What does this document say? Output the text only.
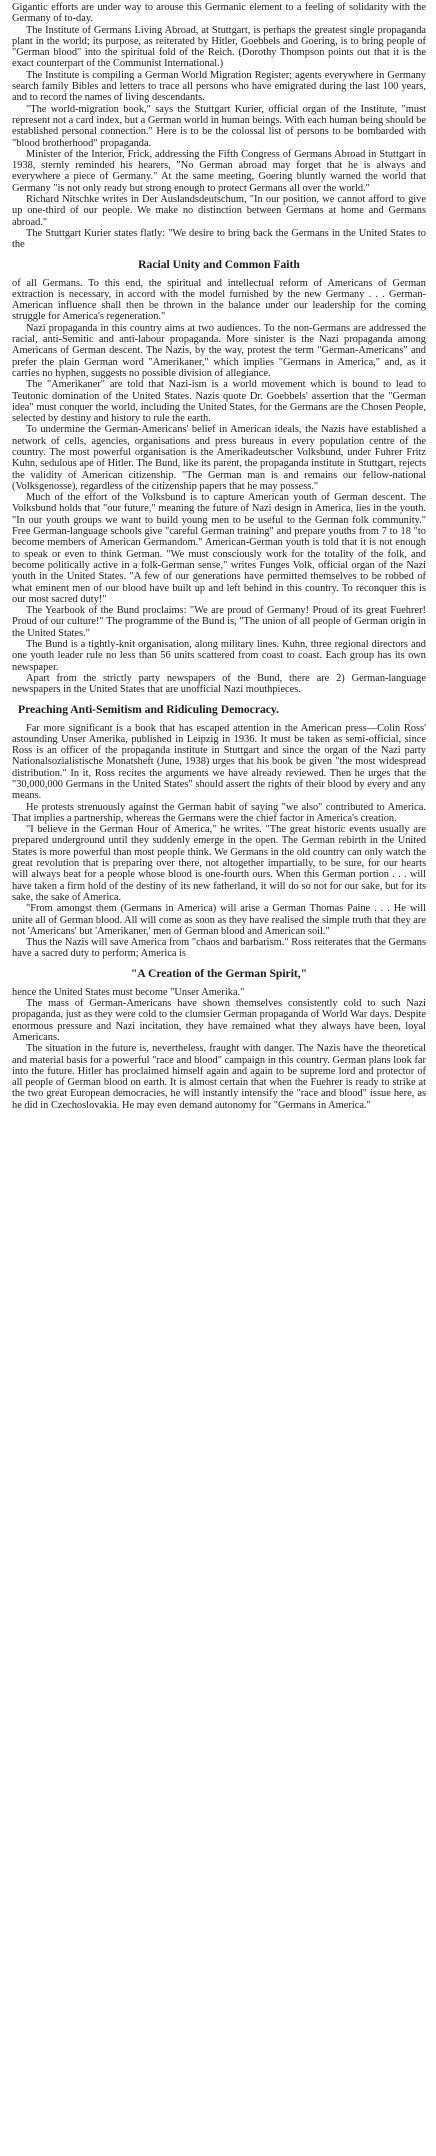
Gigantic efforts are under way to arouse this Germanic element to a feeling of solidarity with the Germany of to-day.

The Institute of Germans Living Abroad, at Stuttgart, is perhaps the greatest single propaganda plant in the world; its purpose, as reiterated by Hitler, Goebbels and Goering, is to bring people of "German blood" into the spiritual fold of the Reich. (Dorothy Thompson points out that it is the exact counterpart of the Communist International.)

The Institute is compiling a German World Migration Register; agents everywhere in Germany search family Bibles and letters to trace all persons who have emigrated during the last 100 years, and to record the names of living descendants.

"The world-migration book," says the Stuttgart Kurier, official organ of the Institute, "must represent not a card index, but a German world in human beings. With each human being should be established personal connection." Here is to be the colossal list of persons to be bombarded with "blood brotherhood" propaganda.

Minister of the Interior, Frick, addressing the Fifth Congress of Germans Abroad in Stuttgart in 1938, sternly reminded his hearers, "No German abroad may forget that he is always and everywhere a piece of Germany." At the same meeting, Goering bluntly warned the world that Germany "is not only ready but strong enough to protect Germans all over the world."

Richard Nitschke writes in Der Auslandsdeutschum, "In our position, we cannot afford to give up one-third of our people. We make no distinction between Germans at home and Germans abroad."

The Stuttgart Kurier states flatly: "We desire to bring back the Germans in the United States to the

Racial Unity and Common Faith

of all Germans. To this end, the spiritual and intellectual reform of Americans of German extraction is necessary, in accord with the model furnished by the new Germany . . . German-American influence shall then be thrown in the balance under our leadership for the coming struggle for America's regeneration."

Nazi propaganda in this country aims at two audiences. To the non-Germans are addressed the racial, anti-Semitic and anti-labour propaganda. More sinister is the Nazi propaganda among Americans of German descent. The Nazis, by the way, protest the term "German-Americans" and prefer the plain German word "Amerikaner," which implies "Germans in America," and, as it carries no hyphen, suggests no possible division of allegiance.

The "Amerikaner" are told that Nazi-ism is a world movement which is bound to lead to Teutonic domination of the United States. Nazis quote Dr. Goebbels' assertion that the "German idea" must conquer the world, including the United States, for the Germans are the Chosen People, selected by destiny and history to rule the earth.

To undermine the German-Americans' belief in American ideals, the Nazis have established a network of cells, agencies, organisations and press bureaus in every population centre of the country. The most powerful organisation is the Amerikadeutscher Volksbund, under Fuhrer Fritz Kuhn, sedulous ape of Hitler. The Bund, like its parent, the propaganda institute in Stuttgart, rejects the validity of American citizenship. "The German man is and remains our fellow-national (Volksgenosse), regardless of the citizenship papers that he may possess."

Much of the effort of the Volksbund is to capture American youth of German descent. The Volksbund holds that "our future," meaning the future of Nazi design in America, lies in the youth. "In our youth groups we want to build young men to be useful to the German folk community." Free German-language schools give "careful German training" and prepare youths from 7 to 18 "to become members of American Germandom." American-German youth is told that it is not enough to speak or even to think German. "We must consciously work for the totality of the folk, and become politically active in a folk-German sense," writes Funges Volk, official organ of the Nazi youth in the United States. "A few of our generations have permitted themselves to be robbed of what eminent men of our blood have built up and left behind in this country. To reconquer this is our most sacred duty!"

The Yearbook of the Bund proclaims: "We are proud of Germany! Proud of its great Fuehrer! Proud of our culture!" The programme of the Bund is, "The union of all people of German origin in the United States."

The Bund is a tightly-knit organisation, along military lines. Kuhn, three regional directors and one youth leader rule no less than 56 units scattered from coast to coast. Each group has its own newspaper.

Apart from the strictly party newspapers of the Bund, there are 2) German-language newspapers in the United States that are unofficial Nazi mouthpieces.

Preaching Anti-Semitism and Ridiculing Democracy.

Far more significant is a book that has escaped attention in the American press—Colin Ross' astounding Unser Amerika, published in Leipzig in 1936. It must be taken as semi-official, since Ross is an officer of the propaganda institute in Stuttgart and since the organ of the Nazi party Nationalsozialistische Monatsheft (June, 1938) urges that his book be given "the most widespread distribution." In it, Ross recites the arguments we have already reviewed. Then he urges that the "30,000,000 Germans in the United States" should assert the rights of their blood by every and any means.

He protests strenuously against the German habit of saying "we also" contributed to America. That implies a partnership, whereas the Germans were the chief factor in America's creation.

"I believe in the German Hour of America," he writes. "The great historic events usually are prepared underground until they suddenly emerge in the open. The German rebirth in the United States is more powerful than most people think. We Germans in the old country can only watch the great revolution that is preparing over there, not altogether impartially, to be sure, for our hearts will always beat for a people whose blood is one-fourth ours. When this German portion . . . will have taken a firm hold of the destiny of its new fatherland, it will do so not for our sake, but for its sake, the sake of America.

"From amongst them (Germans in America) will arise a German Thomas Paine . . . He will unite all of German blood. All will come as soon as they have realised the simple truth that they are not 'Americans' but 'Amerikaner,' men of German blood and American soil."

Thus the Nazis will save America from "chaos and barbarism." Ross reiterates that the Germans have a sacred duty to perform; America is

"A Creation of the German Spirit,"

hence the United States must become "Unser Amerika."

The mass of German-Americans have shown themselves consistently cold to such Nazi propaganda, just as they were cold to the clumsier German propaganda of World War days. Despite enormous pressure and Nazi incitation, they have remained what they always have been, loyal Americans.

The situation in the future is, nevertheless, fraught with danger. The Nazis have the theoretical and material basis for a powerful "race and blood" campaign in this country. German plans look far into the future. Hitler has proclaimed himself again and again to be supreme lord and protector of all people of German blood on earth. It is almost certain that when the Fuehrer is ready to strike at the two great European democracies, he will instantly intensify the "race and blood" issue here, as he did in Czechoslovakia. He may even demand autonomy for "Germans in America."
